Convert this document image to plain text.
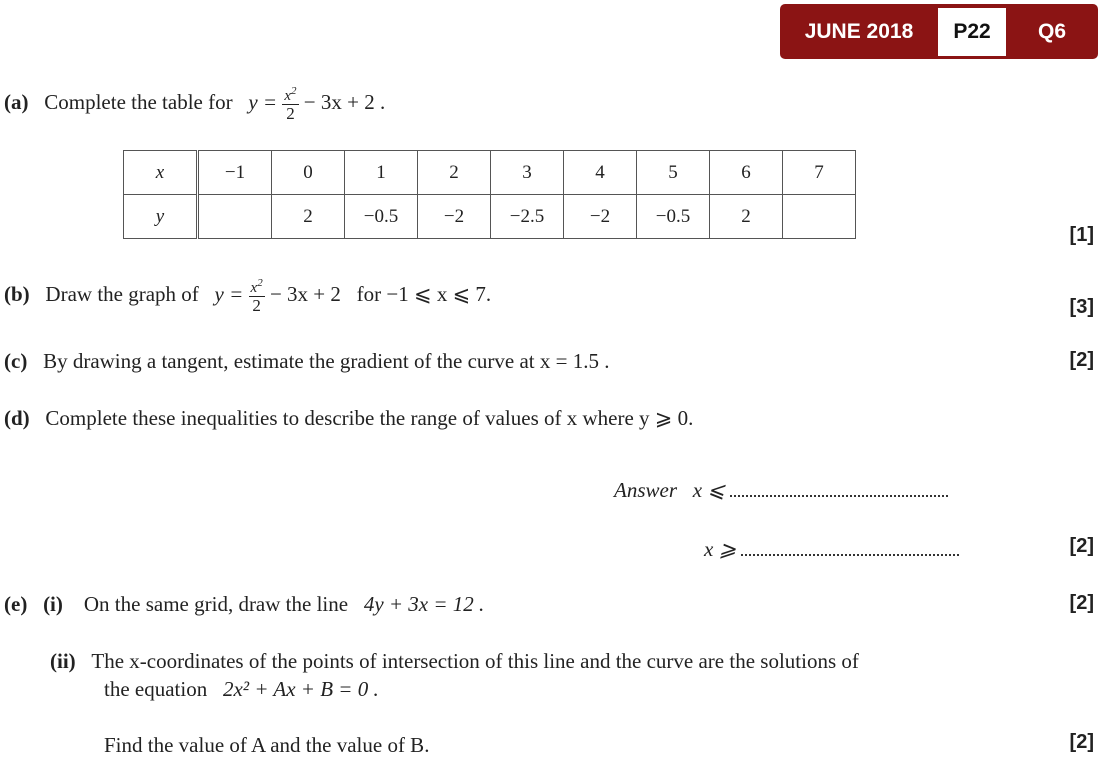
JUNE 2018	P22	Q6
(a) Complete the table for $y = \frac{x^2}{2} - 3x + 2$ .
x	−1	0	1	2	3	4	5	6	7
y		2	−0.5	−2	−2.5	−2	−0.5	2	
[1]
(b) Draw the graph of $y = \frac{x^2}{2} - 3x + 2$ for −1 ⩽ x ⩽ 7.
[3]
(c) By drawing a tangent, estimate the gradient of the curve at x = 1.5 .	[2]
(d) Complete these inequalities to describe the range of values of x where y ⩾ 0.
Answer x ⩽
x ⩾	[2]
(e) (i) On the same grid, draw the line 4y + 3x = 12 .	[2]
(ii) The x-coordinates of the points of intersection of this line and the curve are the solutions of
the equation 2x² + Ax + B = 0 .
Find the value of A and the value of B.	[2]
